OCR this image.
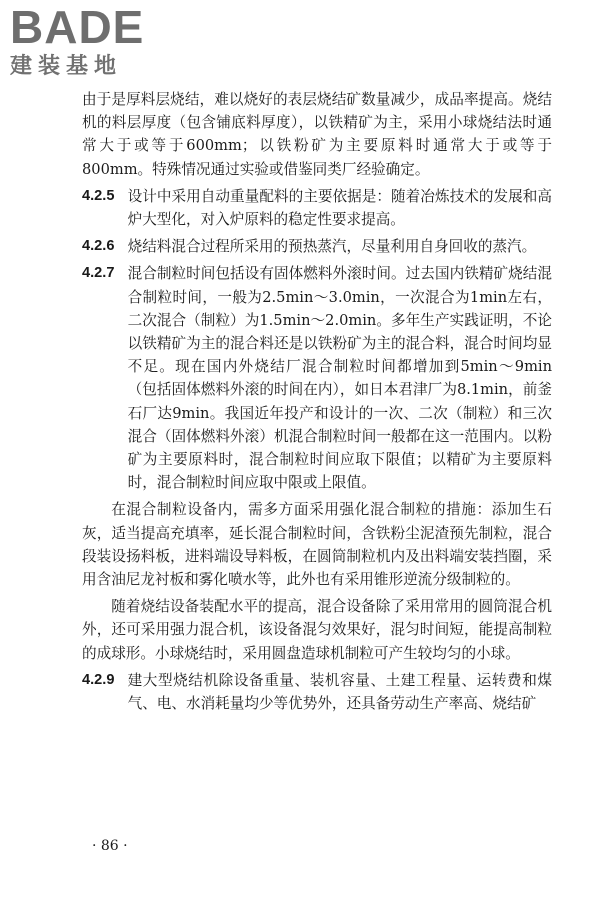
BADE
建装基地

由于是厚料层烧结，难以烧好的表层烧结矿数量减少，成品率提高。烧结机的料层厚度（包含铺底料厚度），以铁精矿为主，采用小球烧结法时通常大于或等于600mm；以铁粉矿为主要原料时通常大于或等于800mm。特殊情况通过实验或借鉴同类厂经验确定。

4.2.5 设计中采用自动重量配料的主要依据是：随着冶炼技术的发展和高炉大型化，对入炉原料的稳定性要求提高。

4.2.6 烧结料混合过程所采用的预热蒸汽，尽量利用自身回收的蒸汽。

4.2.7 混合制粒时间包括设有固体燃料外滚时间。过去国内铁精矿烧结混合制粒时间，一般为2.5min～3.0min，一次混合为1min左右，二次混合（制粒）为1.5min～2.0min。多年生产实践证明，不论以铁精矿为主的混合料还是以铁粉矿为主的混合料，混合时间均显不足。现在国内外烧结厂混合制粒时间都增加到5min～9min（包括固体燃料外滚的时间在内），如日本君津厂为8.1min，前釜石厂达9min。我国近年投产和设计的一次、二次（制粒）和三次混合（固体燃料外滚）机混合制粒时间一般都在这一范围内。以粉矿为主要原料时，混合制粒时间应取下限值；以精矿为主要原料时，混合制粒时间应取中限或上限值。

在混合制粒设备内，需多方面采用强化混合制粒的措施：添加生石灰，适当提高充填率，延长混合制粒时间，含铁粉尘泥渣预先制粒，混合段装设扬料板，进料端设导料板，在圆筒制粒机内及出料端安装挡圈，采用含油尼龙衬板和雾化喷水等，此外也有采用锥形逆流分级制粒的。

随着烧结设备装配水平的提高，混合设备除了采用常用的圆筒混合机外，还可采用强力混合机，该设备混匀效果好，混匀时间短，能提高制粒的成球形。小球烧结时，采用圆盘造球机制粒可产生较均匀的小球。

4.2.9 建大型烧结机除设备重量、装机容量、土建工程量、运转费和煤气、电、水消耗量均少等优势外，还具备劳动生产率高、烧结矿

· 86 ·
